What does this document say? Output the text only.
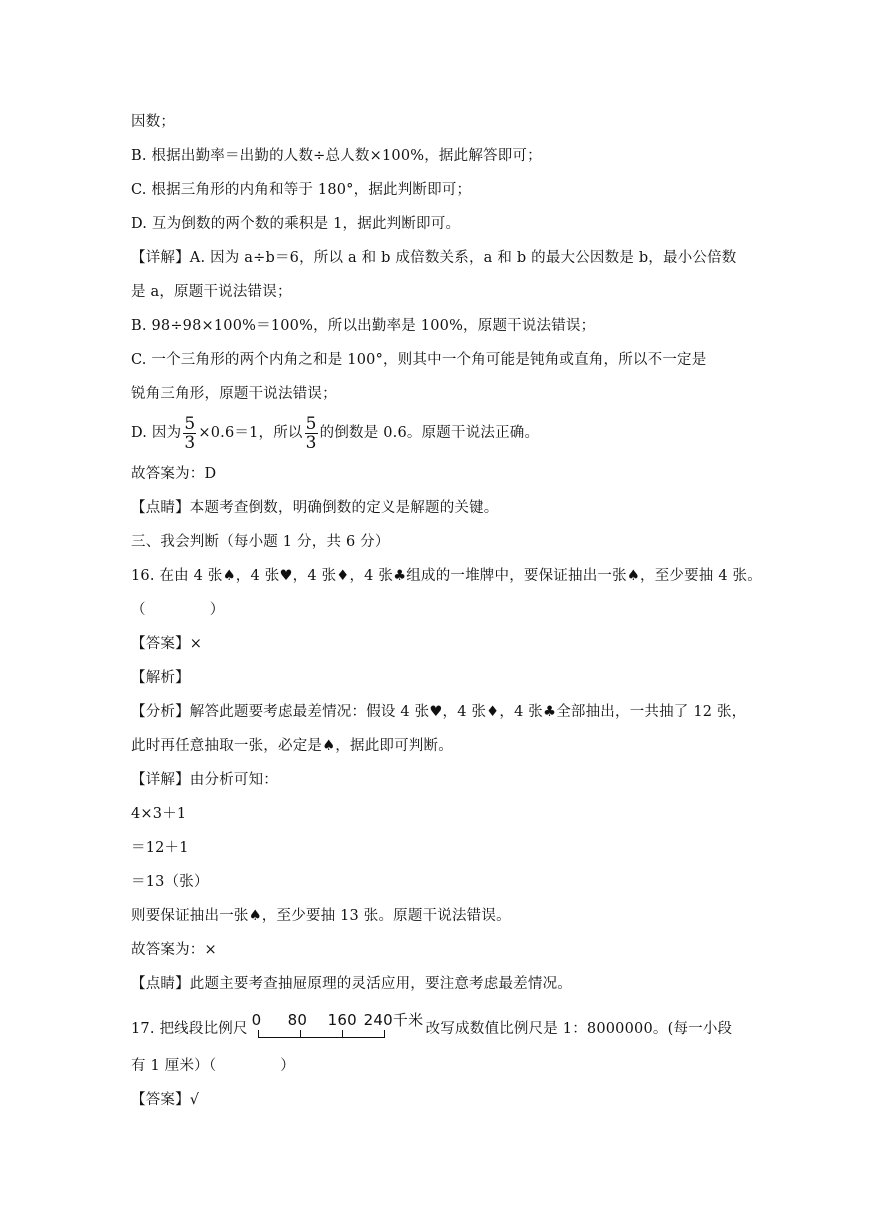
因数；
B. 根据出勤率＝出勤的人数÷总人数×100%，据此解答即可；
C. 根据三角形的内角和等于 180°，据此判断即可；
D. 互为倒数的两个数的乘积是 1，据此判断即可。
【详解】A. 因为 a÷b＝6，所以 a 和 b 成倍数关系，a 和 b 的最大公因数是 b，最小公倍数
是 a，原题干说法错误；
B. 98÷98×100%＝100%，所以出勤率是 100%，原题干说法错误；
C. 一个三角形的两个内角之和是 100°，则其中一个角可能是钝角或直角，所以不一定是
锐角三角形，原题干说法错误；
D. 因为 $\frac{5}{3} \times 0.6=1$，所以 $\frac{5}{3}$ 的倒数是 0.6。原题干说法正确。
故答案为：D
【点睛】本题考查倒数，明确倒数的定义是解题的关键。
三、我会判断（每小题 1 分，共 6 分）
16. 在由 4 张♠，4 张♥，4 张♦，4 张♣组成的一堆牌中，要保证抽出一张♠，至少要抽 4 张。
（	）
【答案】×
【解析】
【分析】解答此题要考虑最差情况：假设 4 张♥，4 张♦，4 张♣全部抽出，一共抽了 12 张，
此时再任意抽取一张，必定是♠，据此即可判断。
【详解】由分析可知：
4×3＋1
＝12＋1
＝13（张）
则要保证抽出一张♠，至少要抽 13 张。原题干说法错误。
故答案为：×
【点睛】此题主要考查抽屉原理的灵活应用，要注意考虑最差情况。
17. 把线段比例尺 0 80 160 240千米 改写成数值比例尺是 1：8000000。(每一小段
有 1 厘米）（	）
【答案】√
